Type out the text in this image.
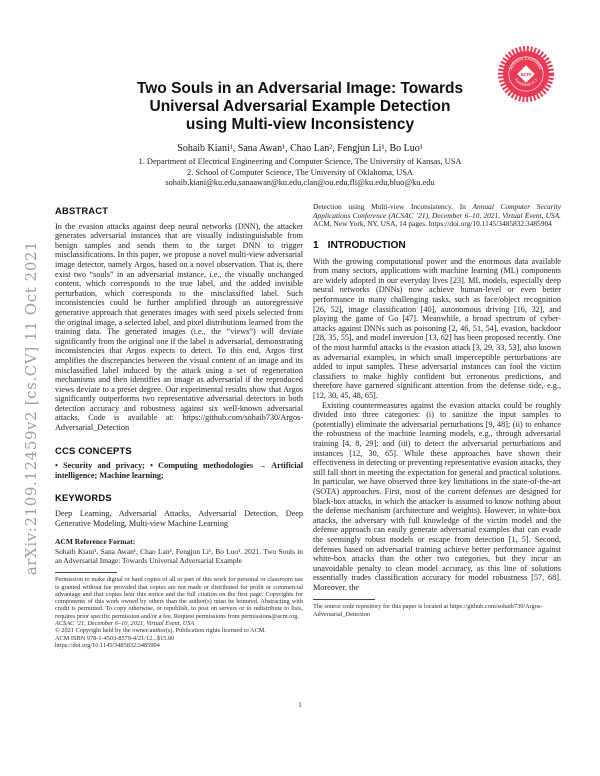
arXiv:2109.12459v2 [cs.CV] 11 Oct 2021
Artifacts Evaluated
Functional v1.1
acm
Two Souls in an Adversarial Image: Towards
Universal Adversarial Example Detection
using Multi-view Inconsistency
Sohaib Kiani¹, Sana Awan¹, Chao Lan², Fengjun Li¹, Bo Luo¹
1. Department of Electrical Engineering and Computer Science, The University of Kansas, USA
2. School of Computer Science, The University of Oklahoma, USA
sohaib.kiani@ku.edu,sanaawan@ku.edu,clan@ou.edu,fli@ku.edu,bluo@ku.edu
ABSTRACT

In the evasion attacks against deep neural networks (DNN), the attacker generates adversarial instances that are visually indistinguishable from benign samples and sends them to the target DNN to trigger misclassifications. In this paper, we propose a novel multi-view adversarial image detector, namely Argos, based on a novel observation. That is, there exist two “souls” in an adversarial instance, i.e., the visually unchanged content, which corresponds to the true label, and the added invisible perturbation, which corresponds to the misclassified label. Such inconsistencies could be further amplified through an autoregressive generative approach that generates images with seed pixels selected from the original image, a selected label, and pixel distributions learned from the training data. The generated images (i.e., the “views”) will deviate significantly from the original one if the label is adversarial, demonstrating inconsistencies that Argos expects to detect. To this end, Argos first amplifies the discrepancies between the visual content of an image and its misclassified label induced by the attack using a set of regeneration mechanisms and then identifies an image as adversarial if the reproduced views deviate to a preset degree. Our experimental results show that Argos significantly outperforms two representative adversarial detectors in both detection accuracy and robustness against six well-known adversarial attacks. Code is available at: https://github.com/sohaib730/Argos-Adversarial_Detection

CCS CONCEPTS

• Security and privacy; • Computing methodologies → Artificial intelligence; Machine learning;

KEYWORDS

Deep Learning, Adversarial Attacks, Adversarial Detection, Deep Generative Modeling, Multi-view Machine Learning

ACM Reference Format:

Sohaib Kiani¹, Sana Awan¹, Chao Lan², Fengjun Li¹, Bo Luo¹. 2021. Two Souls in an Adversarial Image: Towards Universal Adversarial Example

Permission to make digital or hard copies of all or part of this work for personal or classroom use is granted without fee provided that copies are not made or distributed for profit or commercial advantage and that copies bear this notice and the full citation on the first page. Copyrights for components of this work owned by others than the author(s) must be honored. Abstracting with credit is permitted. To copy otherwise, or republish, to post on servers or to redistribute to lists, requires prior specific permission and/or a fee. Request permissions from permissions@acm.org.

ACSAC ’21, December 6–10, 2021, Virtual Event, USA
© 2021 Copyright held by the owner/author(s). Publication rights licensed to ACM.
ACM ISBN 978-1-4503-8579-4/21/12...$15.00
https://doi.org/10.1145/3485832.3485904

Detection using Multi-view Inconsistency. In Annual Computer Security Applications Conference (ACSAC ’21), December 6–10, 2021, Virtual Event, USA. ACM, New York, NY, USA, 14 pages. https://doi.org/10.1145/3485832.3485904

1 INTRODUCTION

With the growing computational power and the enormous data available from many sectors, applications with machine learning (ML) components are widely adopted in our everyday lives [23]. ML models, especially deep neural networks (DNNs) now achieve human-level or even better performance in many challenging tasks, such as face/object recognition [26, 52], image classification [40], autonomous driving [16, 32], and playing the game of Go [47]. Meanwhile, a broad spectrum of cyber-attacks against DNNs such as poisoning [2, 46, 51, 54], evasion, backdoor [28, 35, 55], and model inversion [13, 62] has been proposed recently. One of the most harmful attacks is the evasion attack [3, 29, 33, 53], also known as adversarial examples, in which small imperceptible perturbations are added to input samples. These adversarial instances can fool the victim classifiers to make highly confident but erroneous predictions, and therefore have garnered significant attention from the defense side, e.g., [12, 30, 45, 48, 65].

Existing countermeasures against the evasion attacks could be roughly divided into three categories: (i) to sanitize the input samples to (potentially) eliminate the adversarial perturbations [9, 48]; (ii) to enhance the robustness of the machine learning models, e.g., through adversarial training [4, 8, 29]; and (iii) to detect the adversarial perturbations and instances [12, 30, 65]. While these approaches have shown their effectiveness in detecting or preventing representative evasion attacks, they still fall short in meeting the expectation for general and practical solutions. In particular, we have observed three key limitations in the state-of-the-art (SOTA) approaches. First, most of the current defenses are designed for black-box attacks, in which the attacker is assumed to know nothing about the defense mechanism (architecture and weights). However, in white-box attacks, the adversary with full knowledge of the victim model and the defense approach can easily generate adversarial examples that can evade the seemingly robust models or escape from detection [1, 5]. Second, defenses based on adversarial training achieve better performance against white-box attacks than the other two categories, but they incur an unavoidable penalty to clean model accuracy, as this line of solutions essentially trades classification accuracy for model robustness [57, 68]. Moreover, the

The source code repository for this paper is located at https://github.com/sohaib730/Argos-Adversarial_Detection

1
